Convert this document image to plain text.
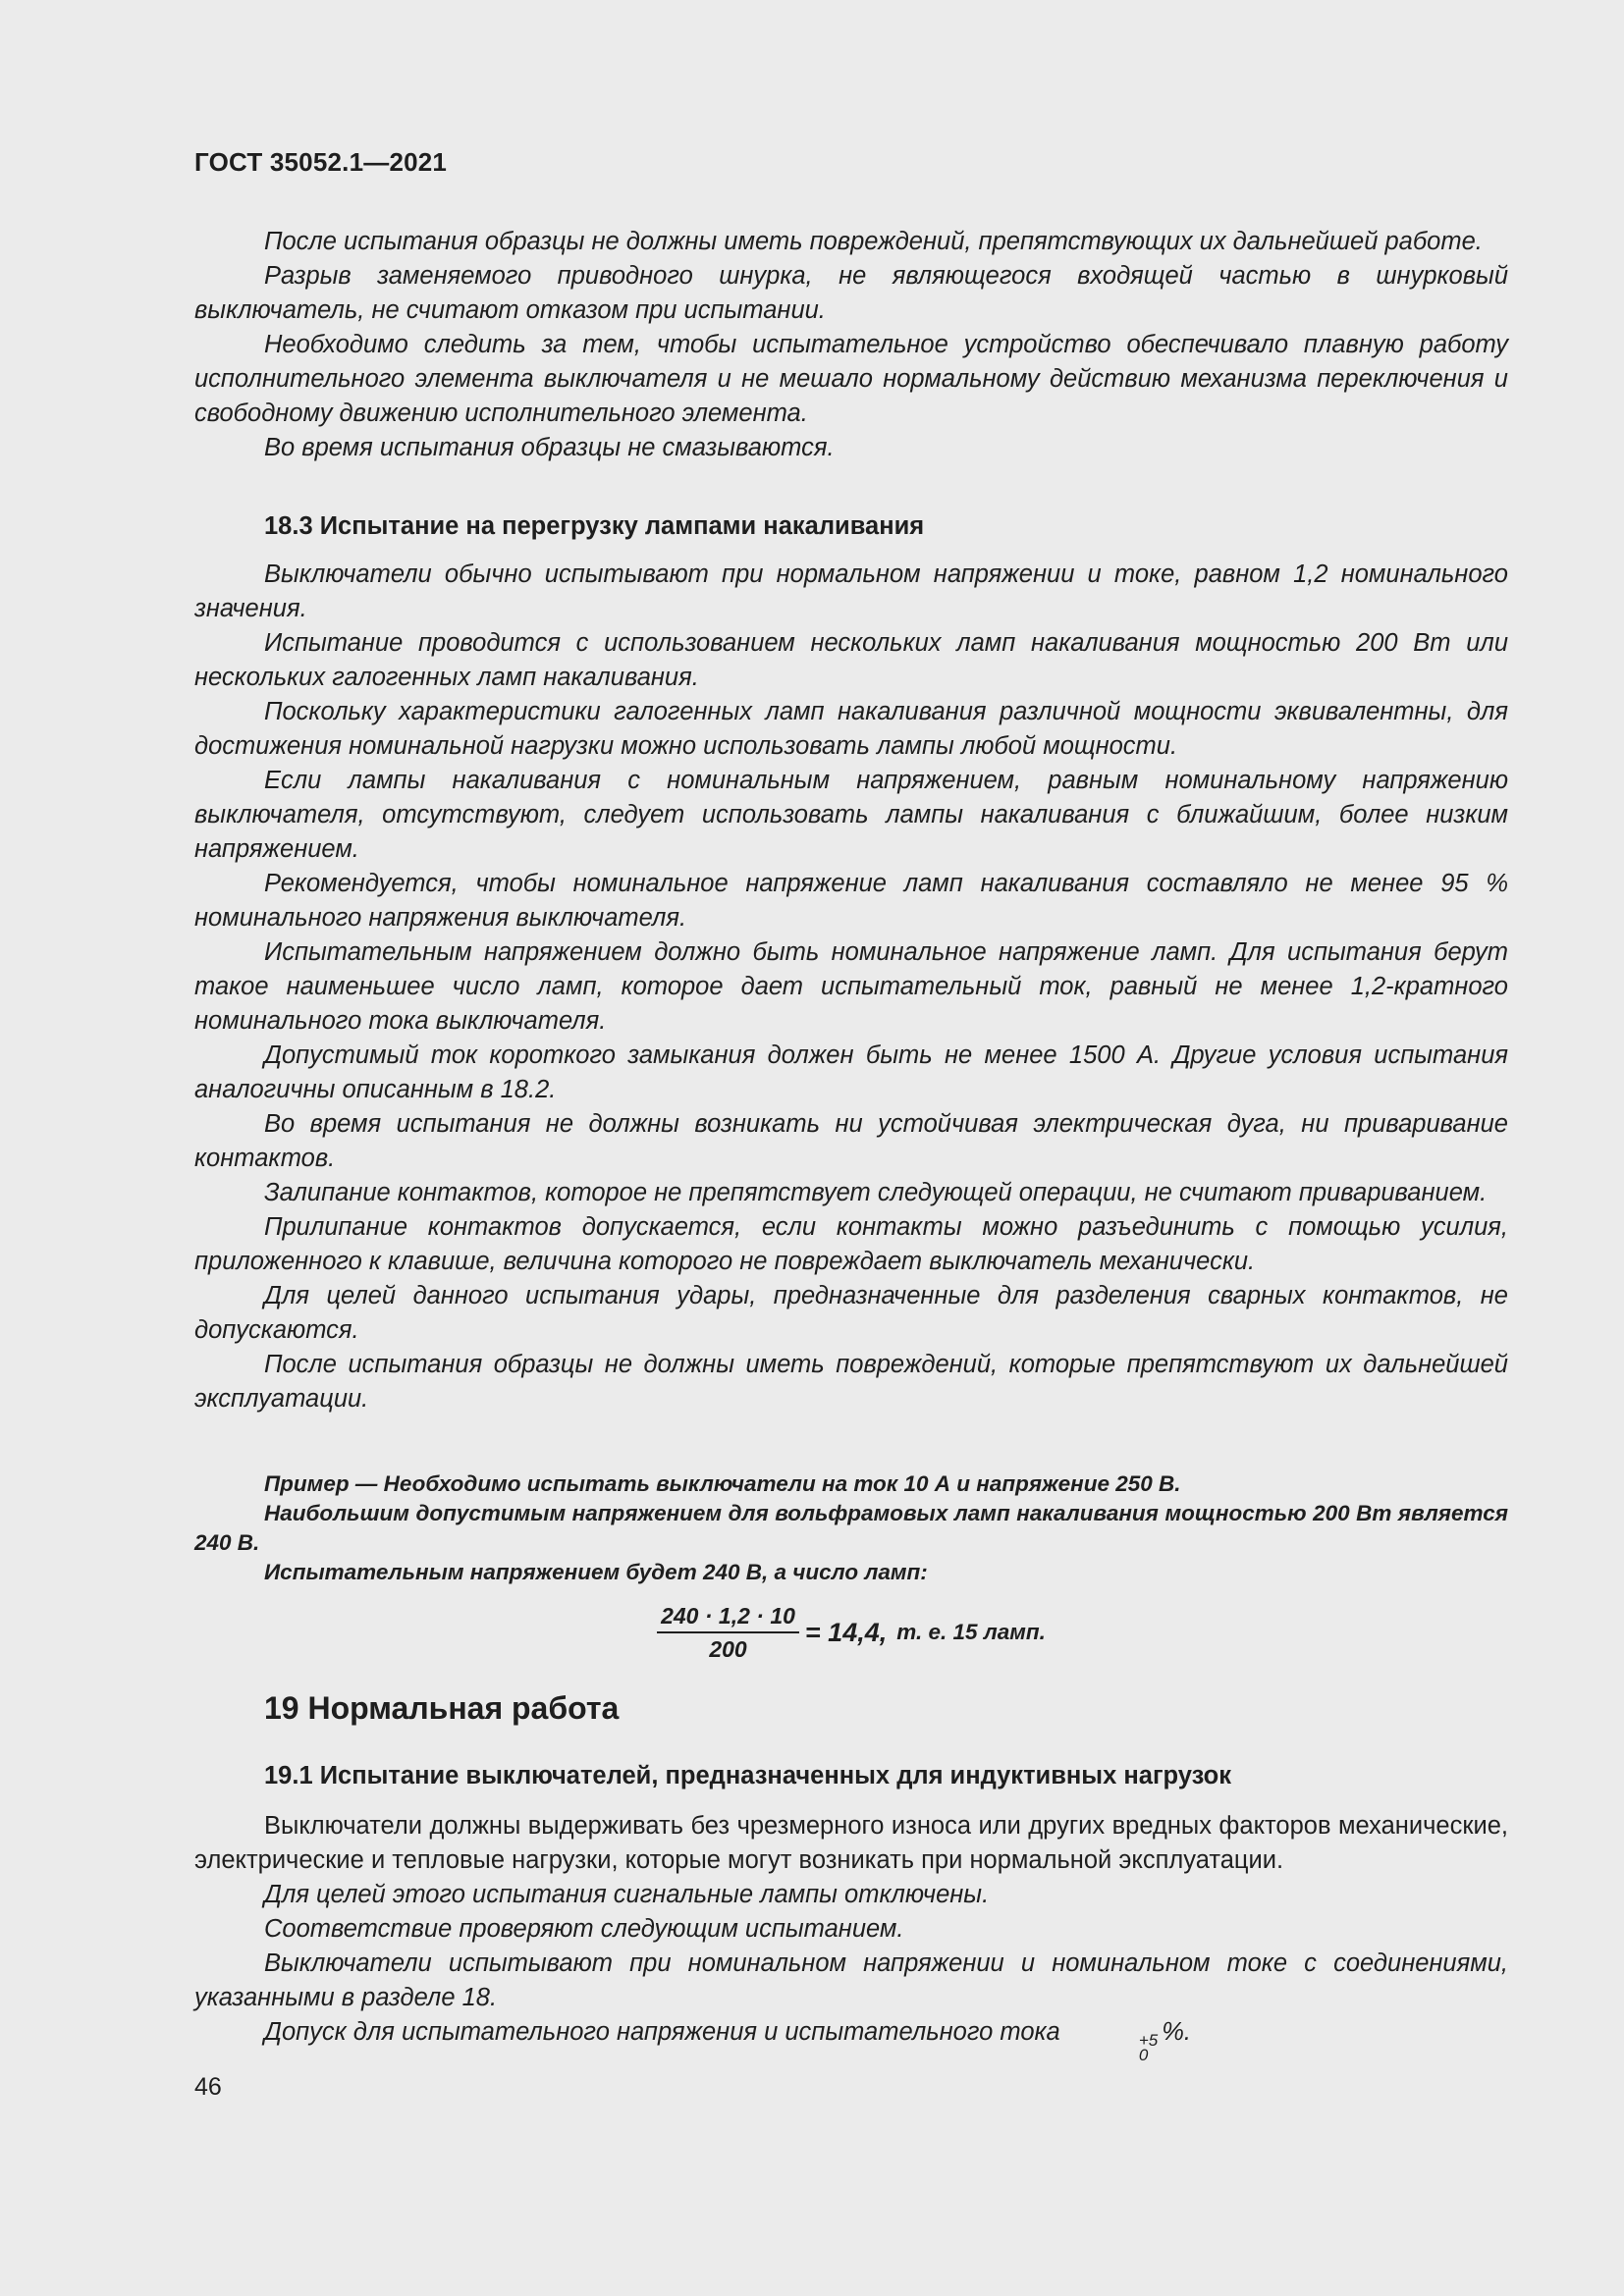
ГОСТ 35052.1—2021

После испытания образцы не должны иметь повреждений, препятствующих их дальнейшей работе.

Разрыв заменяемого приводного шнурка, не являющегося входящей частью в шнурковый выключатель, не считают отказом при испытании.

Необходимо следить за тем, чтобы испытательное устройство обеспечивало плавную работу исполнительного элемента выключателя и не мешало нормальному действию механизма переключения и свободному движению исполнительного элемента.

Во время испытания образцы не смазываются.

18.3 Испытание на перегрузку лампами накаливания

Выключатели обычно испытывают при нормальном напряжении и токе, равном 1,2 номинального значения.

Испытание проводится с использованием нескольких ламп накаливания мощностью 200 Вт или нескольких галогенных ламп накаливания.

Поскольку характеристики галогенных ламп накаливания различной мощности эквивалентны, для достижения номинальной нагрузки можно использовать лампы любой мощности.

Если лампы накаливания с номинальным напряжением, равным номинальному напряжению выключателя, отсутствуют, следует использовать лампы накаливания с ближайшим, более низким напряжением.

Рекомендуется, чтобы номинальное напряжение ламп накаливания составляло не менее 95 % номинального напряжения выключателя.

Испытательным напряжением должно быть номинальное напряжение ламп. Для испытания берут такое наименьшее число ламп, которое дает испытательный ток, равный не менее 1,2-кратного номинального тока выключателя.

Допустимый ток короткого замыкания должен быть не менее 1500 А. Другие условия испытания аналогичны описанным в 18.2.

Во время испытания не должны возникать ни устойчивая электрическая дуга, ни приваривание контактов.

Залипание контактов, которое не препятствует следующей операции, не считают привариванием.

Прилипание контактов допускается, если контакты можно разъединить с помощью усилия, приложенного к клавише, величина которого не повреждает выключатель механически.

Для целей данного испытания удары, предназначенные для разделения сварных контактов, не допускаются.

После испытания образцы не должны иметь повреждений, которые препятствуют их дальнейшей эксплуатации.

Пример — Необходимо испытать выключатели на ток 10 А и напряжение 250 В.

Наибольшим допустимым напряжением для вольфрамовых ламп накаливания мощностью 200 Вт является 240 В.

Испытательным напряжением будет 240 В, а число ламп:

$\frac{240 \cdot 1,2 \cdot 10}{200} = 14,4$, т. е. 15 ламп.
19 Нормальная работа
19.1 Испытание выключателей, предназначенных для индуктивных нагрузок

Выключатели должны выдерживать без чрезмерного износа или других вредных факторов механические, электрические и тепловые нагрузки, которые могут возникать при нормальной эксплуатации.

Для целей этого испытания сигнальные лампы отключены.

Соответствие проверяют следующим испытанием.

Выключатели испытывают при номинальном напряжении и номинальном токе с соединениями, указанными в разделе 18.

Допуск для испытательного напряжения и испытательного тока	+5
0
%.

46
